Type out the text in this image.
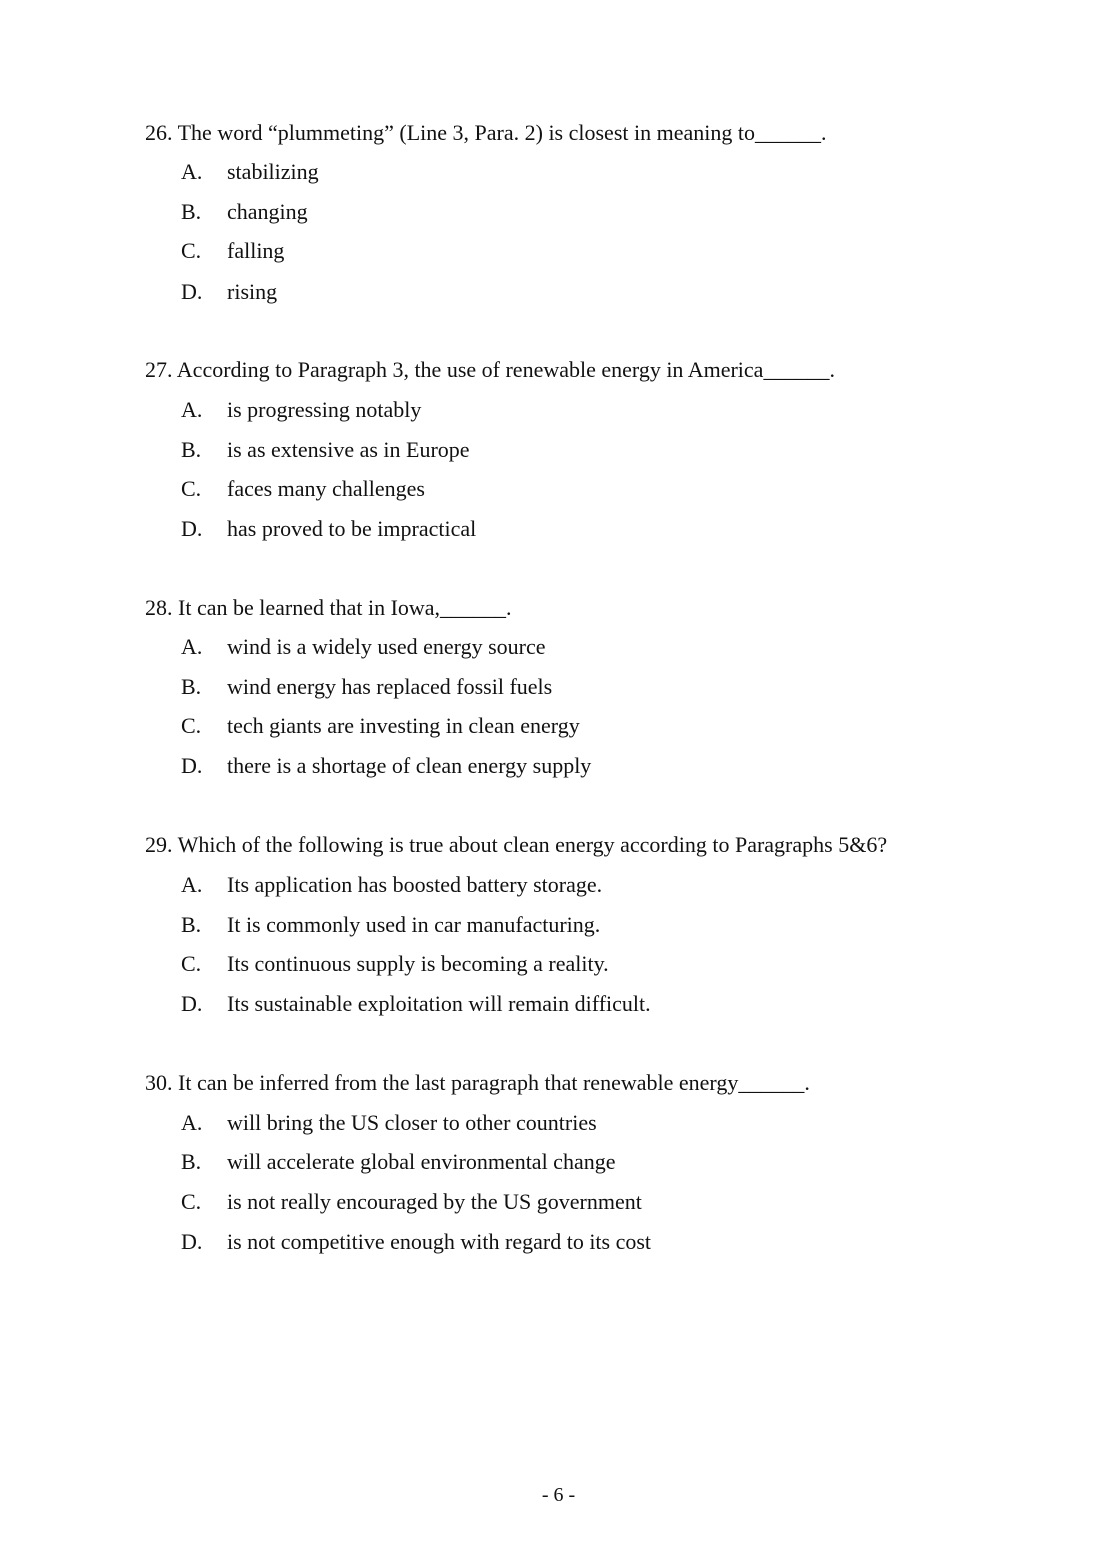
26. The word “plummeting” (Line 3, Para. 2) is closest in meaning to______.
A. stabilizing
B. changing
C. falling
D. rising
27. According to Paragraph 3, the use of renewable energy in America______.
A. is progressing notably
B. is as extensive as in Europe
C. faces many challenges
D. has proved to be impractical
28. It can be learned that in Iowa,______.
A. wind is a widely used energy source
B. wind energy has replaced fossil fuels
C. tech giants are investing in clean energy
D. there is a shortage of clean energy supply
29. Which of the following is true about clean energy according to Paragraphs 5&6?
A. Its application has boosted battery storage.
B. It is commonly used in car manufacturing.
C. Its continuous supply is becoming a reality.
D. Its sustainable exploitation will remain difficult.
30. It can be inferred from the last paragraph that renewable energy______.
A. will bring the US closer to other countries
B. will accelerate global environmental change
C. is not really encouraged by the US government
D. is not competitive enough with regard to its cost
- 6 -
